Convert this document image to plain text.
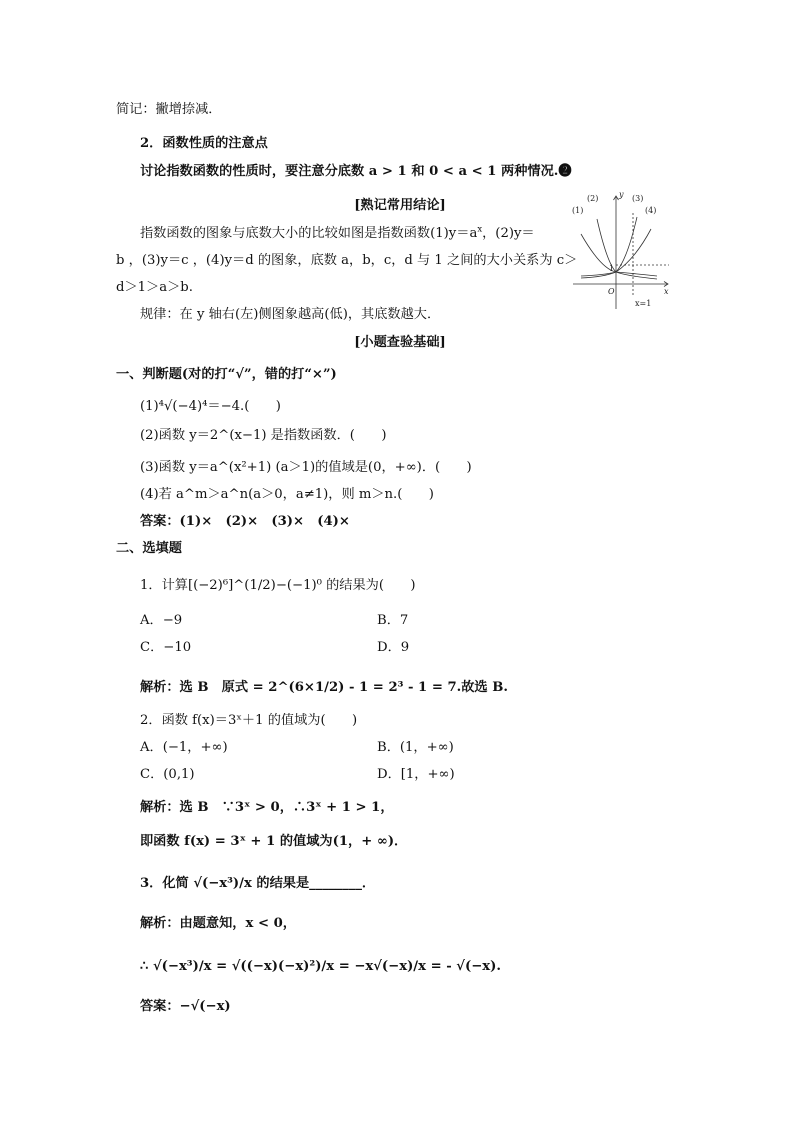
简记：撇增捺减．
2．函数性质的注意点
讨论指数函数的性质时，要注意分底数 a > 1 和 0 < a < 1 两种情况.❷
[熟记常用结论]
指数函数的图象与底数大小的比较如图是指数函数$(1)y=a^x$，(2)y＝
b ，(3)y＝c ，(4)y＝d 的图象，底数 a，b，c，d 与 1 之间的大小关系为 c＞
d＞1＞a＞b.
规律：在 y 轴右(左)侧图象越高(低)，其底数越大．
(1)
(2)	(3)
(4)
y
x
O
1
x=1
[小题查验基础]
一、判断题(对的打“√”，错的打“×”)
(1)⁴√(−4)⁴＝−4.(　　)
(2)函数 y＝2^(x−1) 是指数函数．(　　)
(3)函数 y＝a^(x²+1) (a＞1)的值域是(0，+∞)．(　　)
(4)若 a^m＞a^n(a＞0，a≠1)，则 m＞n.(　　)
答案：(1)×　(2)×　(3)×　(4)×
二、选填题
1．计算[(−2)⁶]^(1/2)−(−1)⁰ 的结果为(　　)
A．−9	B．7
C．−10	D．9
解析：选 B　原式 = 2^(6×1/2) - 1 = 2³ - 1 = 7.故选 B.
2．函数 f(x)＝3ˣ＋1 的值域为(　　)
A．(−1，+∞)	B．(1，+∞)
C．(0,1)	D．[1，+∞)
解析：选 B　∵3ˣ > 0，∴3ˣ + 1 > 1，
即函数 f(x) = 3ˣ + 1 的值域为(1，+ ∞)．
3．化简 √(−x³)/x 的结果是________．
解析：由题意知，x < 0，
∴ √(−x³)/x = √((−x)(−x)²)/x = −x√(−x)/x = - √(−x).
答案：−√(−x)
